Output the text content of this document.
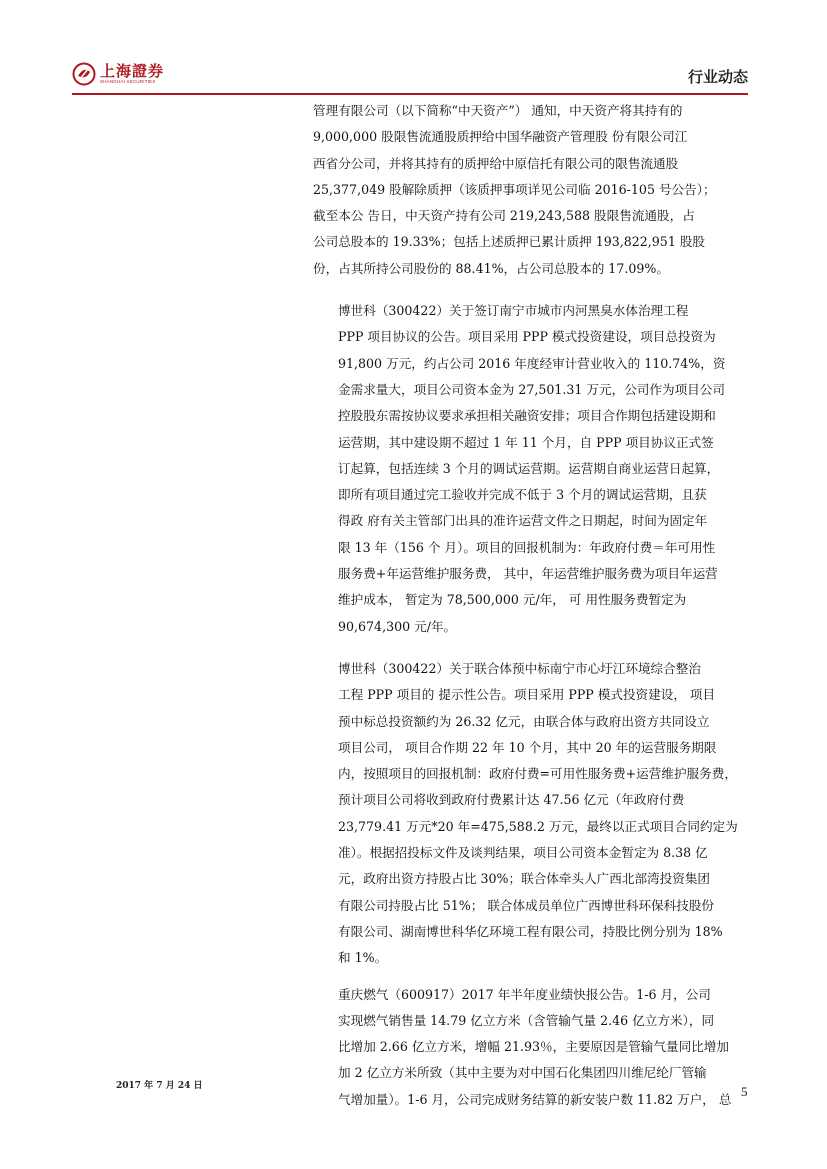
上海證券
SHANGHAI SECURITIES	行业动态

管理有限公司（以下简称“中天资产”） 通知，中天资产将其持有的
9,000,000 股限售流通股质押给中国华融资产管理股 份有限公司江
西省分公司，并将其持有的质押给中原信托有限公司的限售流通股
25,377,049 股解除质押（该质押事项详见公司临 2016-105 号公告）；
截至本公 告日，中天资产持有公司 219,243,588 股限售流通股，占
公司总股本的 19.33%；包括上述质押已累计质押 193,822,951 股股
份，占其所持公司股份的 88.41%，占公司总股本的 17.09%。

博世科（300422）关于签订南宁市城市内河黑臭水体治理工程
PPP 项目协议的公告。项目采用 PPP 模式投资建设，项目总投资为
91,800 万元，约占公司 2016 年度经审计营业收入的 110.74%，资
金需求量大，项目公司资本金为 27,501.31 万元，公司作为项目公司
控股股东需按协议要求承担相关融资安排；项目合作期包括建设期和
运营期，其中建设期不超过 1 年 11 个月，自 PPP 项目协议正式签
订起算，包括连续 3 个月的调试运营期。运营期自商业运营日起算，
即所有项目通过完工验收并完成不低于 3 个月的调试运营期，且获
得政 府有关主管部门出具的准许运营文件之日期起，时间为固定年
限 13 年（156 个 月）。项目的回报机制为：年政府付费＝年可用性
服务费+年运营维护服务费， 其中，年运营维护服务费为项目年运营
维护成本， 暂定为 78,500,000 元/年， 可 用性服务费暂定为
90,674,300 元/年。

博世科（300422）关于联合体预中标南宁市心圩江环境综合整治
工程 PPP 项目的 提示性公告。项目采用 PPP 模式投资建设， 项目
预中标总投资额约为 26.32 亿元，由联合体与政府出资方共同设立
项目公司， 项目合作期 22 年 10 个月，其中 20 年的运营服务期限
内，按照项目的回报机制：政府付费=可用性服务费+运营维护服务费，
预计项目公司将收到政府付费累计达 47.56 亿元（年政府付费
23,779.41 万元*20 年=475,588.2 万元，最终以正式项目合同约定为
准）。根据招投标文件及谈判结果，项目公司资本金暂定为 8.38 亿
元，政府出资方持股占比 30%；联合体牵头人广西北部湾投资集团
有限公司持股占比 51%； 联合体成员单位广西博世科环保科技股份
有限公司、湖南博世科华亿环境工程有限公司，持股比例分别为 18%
和 1%。

重庆燃气（600917）2017 年半年度业绩快报公告。1-6 月，公司
实现燃气销售量 14.79 亿立方米（含管输气量 2.46 亿立方米），同
比增加 2.66 亿立方米，增幅 21.93％，主要原因是管输气量同比增加
加 2 亿立方米所致（其中主要为对中国石化集团四川维尼纶厂管输
气增加量）。1-6 月，公司完成财务结算的新安装户数 11.82 万户， 总

2017 年 7 月 24 日	5
